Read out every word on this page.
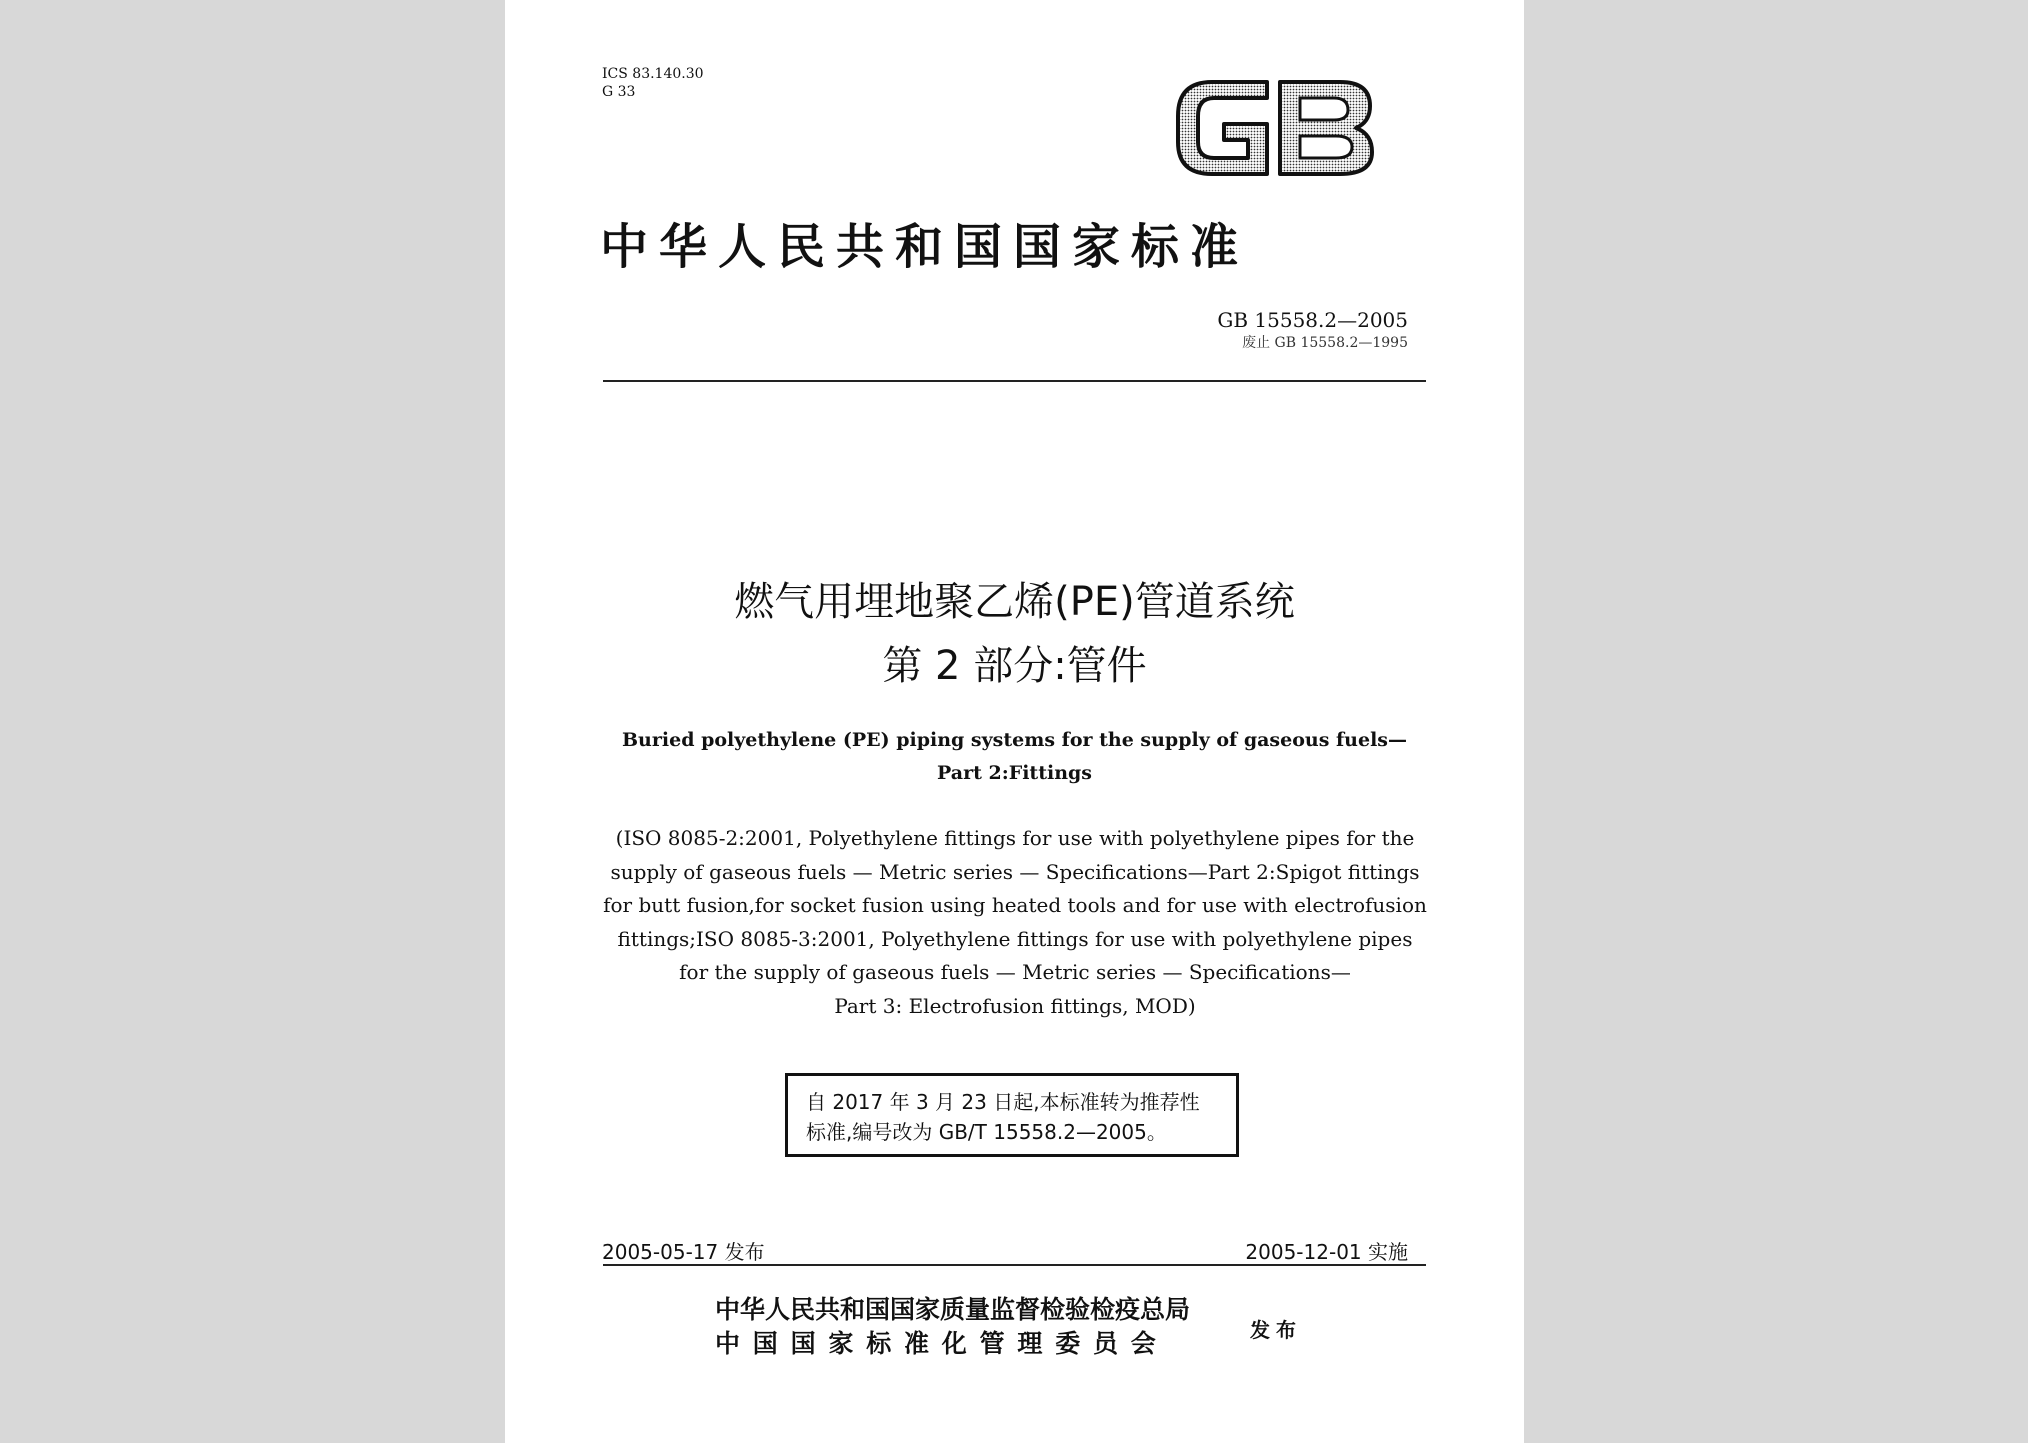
ICS 83.140.30
G 33
GB
中华人民共和国国家标准
GB 15558.2—2005
废止 GB 15558.2—1995
燃气用埋地聚乙烯(PE)管道系统
第 2 部分:管件
Buried polyethylene (PE) piping systems for the supply of gaseous fuels—
Part 2:Fittings
(ISO 8085-2:2001, Polyethylene fittings for use with polyethylene pipes for the
supply of gaseous fuels — Metric series — Specifications—Part 2:Spigot fittings
for butt fusion,for socket fusion using heated tools and for use with electrofusion
fittings;ISO 8085-3:2001, Polyethylene fittings for use with polyethylene pipes
for the supply of gaseous fuels — Metric series — Specifications—
Part 3: Electrofusion fittings, MOD)
自 2017 年 3 月 23 日起,本标准转为推荐性
标准,编号改为 GB/T 15558.2—2005。
2005-05-17 发布	2005-12-01 实施
中华人民共和国国家质量监督检验检疫总局
中国国家标准化管理委员会	发布
